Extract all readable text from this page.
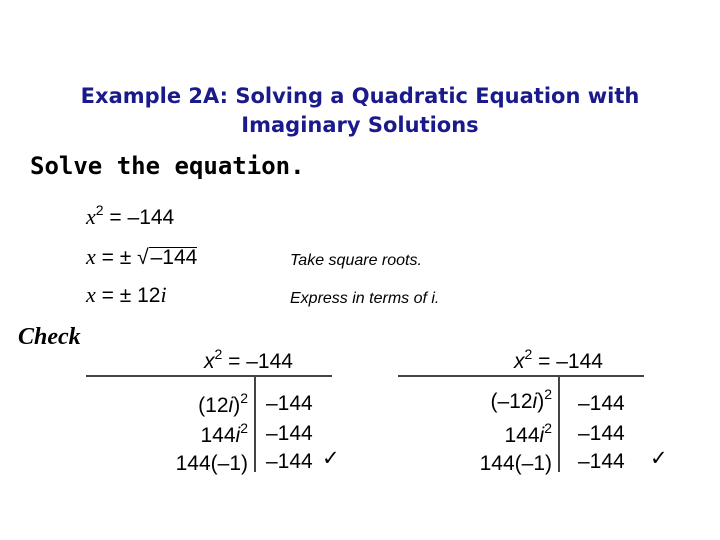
Example 2A: Solving a Quadratic Equation with
Imaginary Solutions
Solve the equation.
$x^2 = -144$
x = ± √–144	Take square roots.
x = ± 12i	Express in terms of i.
Check
$x^2 = -144$
$(12i)^2$ –144
$144i^2$ –144
144(–1) –144 ✓
$x^2 = -144$
$(-12i)^2$ –144
$144i^2$ –144
144(–1) –144 ✓
